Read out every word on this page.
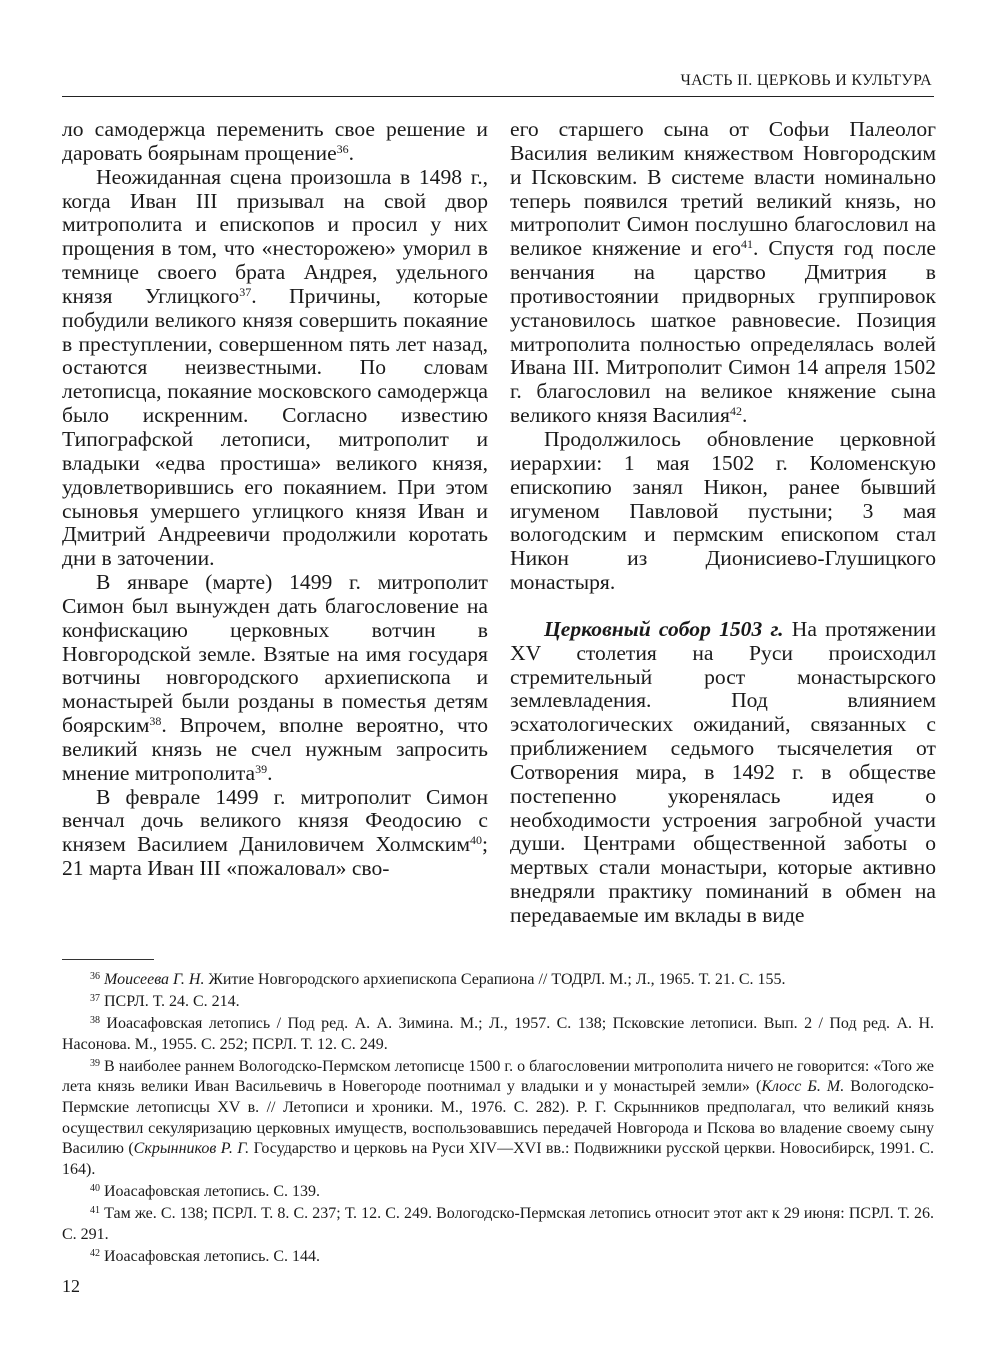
ЧАСТЬ II. ЦЕРКОВЬ И КУЛЬТУРА

ло самодержца переменить свое решение и даровать боярынам прощение$^{36}$.

Неожиданная сцена произошла в 1498 г., когда Иван III призывал на свой двор митрополита и епископов и просил у них прощения в том, что «несторожею» уморил в темнице своего брата Андрея, удельного князя Углицкого$^{37}$. Причины, которые побудили великого князя совершить покаяние в преступлении, совершенном пять лет назад, остаются неизвестными. По словам летописца, покаяние московского самодержца было искренним. Согласно известию Типографской летописи, митрополит и владыки «едва простиша» великого князя, удовлетворившись его покаянием. При этом сыновья умершего углицкого князя Иван и Дмитрий Андреевичи продолжили коротать дни в заточении.

В январе (марте) 1499 г. митрополит Симон был вынужден дать благословение на конфискацию церковных вотчин в Новгородской земле. Взятые на имя государя вотчины новгородского архиепископа и монастырей были розданы в поместья детям боярским$^{38}$. Впрочем, вполне вероятно, что великий князь не счел нужным запросить мнение митрополита$^{39}$.

В феврале 1499 г. митрополит Симон венчал дочь великого князя Феодосию с князем Василием Даниловичем Холмским$^{40}$; 21 марта Иван III «пожаловал» сво-

его старшего сына от Софьи Палеолог Василия великим княжеством Новгородским и Псковским. В системе власти номинально теперь появился третий великий князь, но митрополит Симон послушно благословил на великое княжение и его$^{41}$. Спустя год после венчания на царство Дмитрия в противостоянии придворных группировок установилось шаткое равновесие. Позиция митрополита полностью определялась волей Ивана III. Митрополит Симон 14 апреля 1502 г. благословил на великое княжение сына великого князя Василия$^{42}$.

Продолжилось обновление церковной иерархии: 1 мая 1502 г. Коломенскую епископию занял Никон, ранее бывший игуменом Павловой пустыни; 3 мая вологодским и пермским епископом стал Никон из Дионисиево-Глушицкого монастыря.

Церковный собор 1503 г. На протяжении XV столетия на Руси происходил стремительный рост монастырского землевладения. Под влиянием эсхатологических ожиданий, связанных с приближением седьмого тысячелетия от Сотворения мира, в 1492 г. в обществе постепенно укоренялась идея о необходимости устроения загробной участи души. Центрами общественной заботы о мертвых стали монастыри, которые активно внедряли практику поминаний в обмен на передаваемые им вклады в виде

$^{36}$ Моисеева Г. Н. Житие Новгородского архиепископа Серапиона // ТОДРЛ. М.; Л., 1965. Т. 21. С. 155.

$^{37}$ ПСРЛ. Т. 24. С. 214.

$^{38}$ Иоасафовская летопись / Под ред. А. А. Зимина. М.; Л., 1957. С. 138; Псковские летописи. Вып. 2 / Под ред. А. Н. Насонова. М., 1955. С. 252; ПСРЛ. Т. 12. С. 249.

$^{39}$ В наиболее раннем Вологодско-Пермском летописце 1500 г. о благословении митрополита ничего не говорится: «Того же лета князь велики Иван Васильевичь в Новегороде поотнимал у владыки и у монастырей земли» (Клосс Б. М. Вологодско-Пермские летописцы XV в. // Летописи и хроники. М., 1976. С. 282). Р. Г. Скрынников предполагал, что великий князь осуществил секуляризацию церковных имуществ, воспользовавшись передачей Новгорода и Пскова во владение своему сыну Василию (Скрынников Р. Г. Государство и церковь на Руси XIV—XVI вв.: Подвижники русской церкви. Новосибирск, 1991. С. 164).

$^{40}$ Иоасафовская летопись. С. 139.

$^{41}$ Там же. С. 138; ПСРЛ. Т. 8. С. 237; Т. 12. С. 249. Вологодско-Пермская летопись относит этот акт к 29 июня: ПСРЛ. Т. 26. С. 291.

$^{42}$ Иоасафовская летопись. С. 144.

12
